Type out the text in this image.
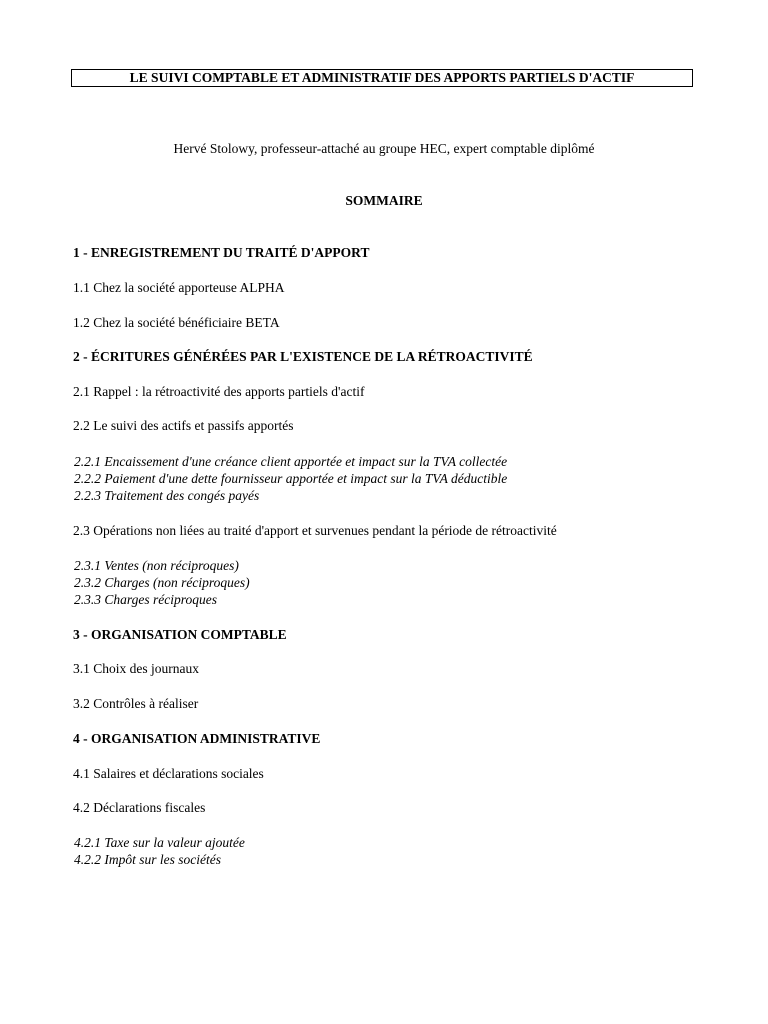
LE SUIVI COMPTABLE ET ADMINISTRATIF DES APPORTS PARTIELS D'ACTIF
Hervé Stolowy, professeur-attaché au groupe HEC, expert comptable diplômé
SOMMAIRE
1 - ENREGISTREMENT DU TRAITÉ D'APPORT
1.1 Chez la société apporteuse ALPHA
1.2 Chez la société bénéficiaire BETA
2 - ÉCRITURES GÉNÉRÉES PAR L'EXISTENCE DE LA RÉTROACTIVITÉ
2.1 Rappel : la rétroactivité des apports partiels d'actif
2.2 Le suivi des actifs et passifs apportés
2.2.1 Encaissement d'une créance client apportée et impact sur la TVA collectée
2.2.2 Paiement d'une dette fournisseur apportée et impact sur la TVA déductible
2.2.3 Traitement des congés payés
2.3 Opérations non liées au traité d'apport et survenues pendant la période de rétroactivité
2.3.1 Ventes (non réciproques)
2.3.2 Charges (non réciproques)
2.3.3 Charges réciproques
3 - ORGANISATION COMPTABLE
3.1 Choix des journaux
3.2 Contrôles à réaliser
4 - ORGANISATION ADMINISTRATIVE
4.1 Salaires et déclarations sociales
4.2 Déclarations fiscales
4.2.1 Taxe sur la valeur ajoutée
4.2.2 Impôt sur les sociétés
